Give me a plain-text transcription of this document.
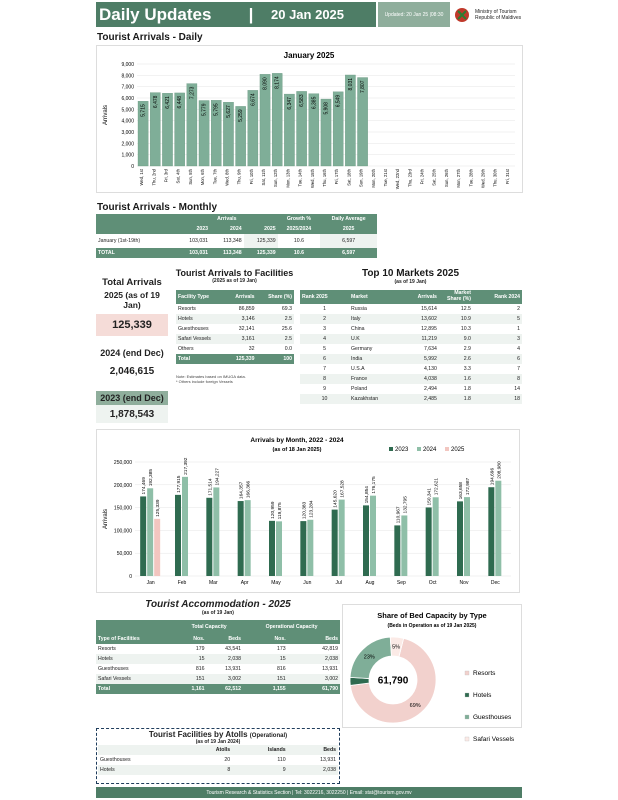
Daily Updates	|	20 Jan 2025	Updated: 20 Jan 25 |08:30	Ministry of Tourism
Republic of Maldives
Tourist Arrivals - Daily
January 2025
Arrivals
0
1,000
2,000
3,000
4,000
5,000
6,000
7,000
8,000
9,000
Wed, 1st
5,715
Thu, 2nd
6,478
Fri, 3rd
6,421
Sat, 4th
6,448
Sun, 5th
7,273
Mon, 6th
5,779
Tue, 7th
5,795
Wed, 8th
5,627
Thu, 9th
5,259
Fri, 10th
6,674
Sat, 11th
8,090
Sun, 12th
8,174
Mon, 13th
6,347
Tue, 14th
6,583
Wed, 15th
6,385
Thu, 16th
5,908
Fri, 17th
6,549
Sat, 18th
8,031
Sun, 19th
7,807
Mon, 20th Tue, 21st Wed, 22nd Thu, 23rd Fri, 24th Sat, 25th Sun, 26th Mon, 27th Tue, 28th Wed, 29th Thu, 30th Fri, 31st
Tourist Arrivals - Monthly
	Arrivals			Growth %	Daily Average
	2023	2024	2025	2025/2024	2025
January (1st-19th)	103,031	113,348	125,339	10.6	6,597
TOTAL	103,031	113,348	125,339	10.6	6,597
Total Arrivals
2025 (as of 19 Jan)
125,339
2024 (end Dec)
2,046,615
2023 (end Dec)
1,878,543
Tourist Arrivals to Facilities
(2025 as of 19 Jan)
Facility Type	Arrivals	Share (%)
Resorts	86,859	69.3
Hotels	3,146	2.5
Guesthouses	32,141	25.6
Safari Vessels	3,161	2.5
Others	32	0.0
Total	125,339	100
Note: Estimates based on IMUGA data.
* Others include foreign Vessels
Top 10 Markets 2025
(as of 19 Jan)
Rank 2025	Market	Arrivals	Market Share (%)	Rank 2024
1	Russia	15,614	12.5	2
2	Italy	13,602	10.9	5
3	China	12,895	10.3	1
4	U.K	11,219	9.0	3
5	Germany	7,634	2.9	4
6	India	5,992	2.6	6
7	U.S.A	4,130	3.3	7
8	France	4,038	1.6	8
9	Poland	2,494	1.8	14
10	Kazakhstan	2,485	1.8	18
Arrivals by Month, 2022 - 2024
(as of 18 Jan 2025)	2023 2024 2025
Arrivals
0
50,000
100,000
150,000
200,000
250,000
Jan
174,469 192,385
125,339
Feb
177,915
217,392
Mar
171,514
194,227
Apr
164,357 166,366
May
120,959 119,875
Jun
120,383 123,284
Jul
145,620
167,528
Aug
154,854
176,175
Sep
110,967
132,795
Oct
150,341
172,621
Nov
163,658 172,987
Dec
194,696 208,980
Tourist Accommodation - 2025
(as of 19 Jan)
	Total Capacity		Operational Capacity	
Type of Facilities	Nos.	Beds	Nos.	Beds
Resorts	179	43,541	173	42,819
Hotels	15	2,038	15	2,038
Guesthouses	816	13,931	816	13,931
Safari Vessels	151	3,002	151	3,002
Total	1,161	62,512	1,155	61,790
Share of Bed Capacity by Type
(Beds in Operation as of 19 Jan 2025)
69%
23%
5%
61,790
Resorts
Hotels
Guesthouses
Safari Vessels
Tourist Facilities by Atolls (Operational)
(as of 19 Jan 2024)
	Atolls	Islands	Beds
Guesthouses	20	110	13,931
Hotels	8	9	2,038
Tourism Research & Statistics Section | Tel: 3022216, 3022250 | Email: stat@tourism.gov.mv
